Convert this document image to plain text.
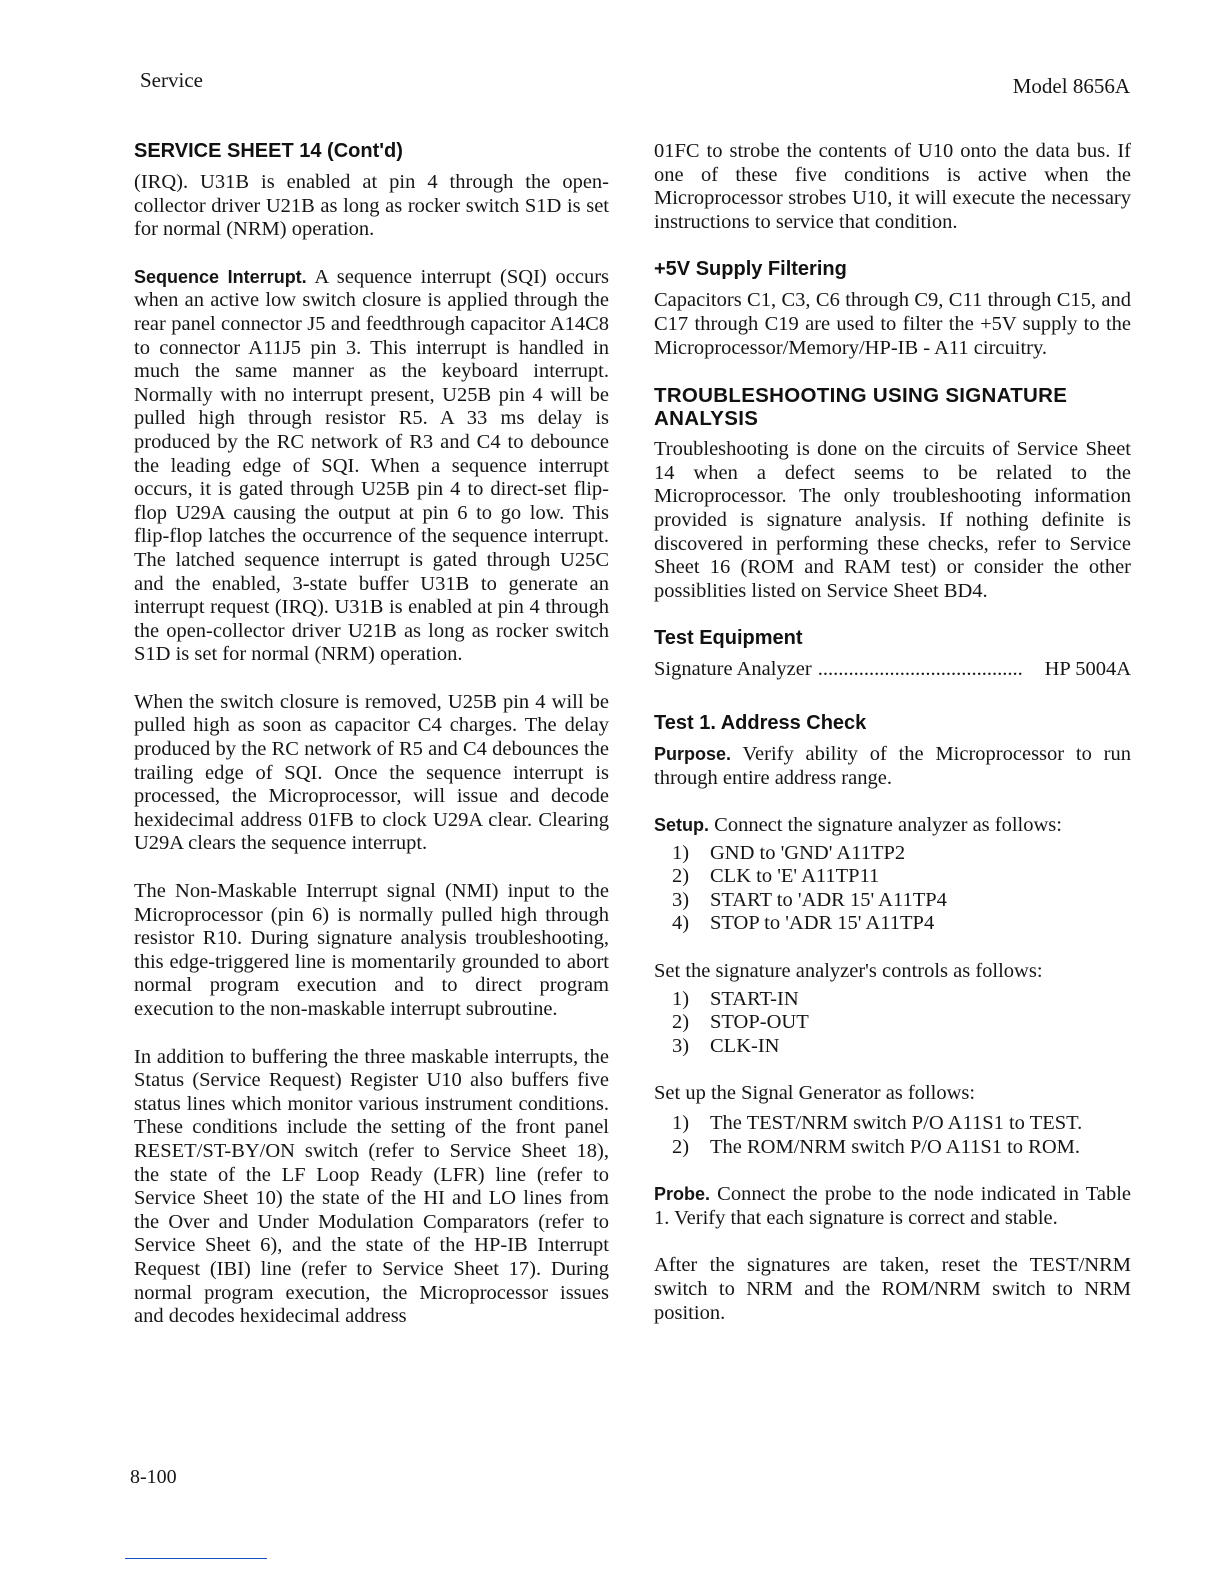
Service	Model 8656A
SERVICE SHEET 14 (Cont'd)

(IRQ). U31B is enabled at pin 4 through the open-collector driver U21B as long as rocker switch S1D is set for normal (NRM) operation.

Sequence Interrupt. A sequence interrupt (SQI) occurs when an active low switch closure is applied through the rear panel connector J5 and feedthrough capacitor A14C8 to connector A11J5 pin 3. This interrupt is handled in much the same manner as the keyboard interrupt. Normally with no interrupt present, U25B pin 4 will be pulled high through resistor R5. A 33 ms delay is produced by the RC network of R3 and C4 to debounce the leading edge of SQI. When a sequence interrupt occurs, it is gated through U25B pin 4 to direct-set flip-flop U29A causing the output at pin 6 to go low. This flip-flop latches the occurrence of the sequence interrupt. The latched sequence interrupt is gated through U25C and the enabled, 3-state buffer U31B to generate an interrupt request (IRQ). U31B is enabled at pin 4 through the open-collector driver U21B as long as rocker switch S1D is set for normal (NRM) operation.

When the switch closure is removed, U25B pin 4 will be pulled high as soon as capacitor C4 charges. The delay produced by the RC network of R5 and C4 debounces the trailing edge of SQI. Once the sequence interrupt is processed, the Microprocessor, will issue and decode hexidecimal address 01FB to clock U29A clear. Clearing U29A clears the sequence interrupt.

The Non-Maskable Interrupt signal (NMI) input to the Microprocessor (pin 6) is normally pulled high through resistor R10. During signature analysis troubleshooting, this edge-triggered line is momentarily grounded to abort normal program execution and to direct program execution to the non-maskable interrupt subroutine.

In addition to buffering the three maskable interrupts, the Status (Service Request) Register U10 also buffers five status lines which monitor various instrument conditions. These conditions include the setting of the front panel RESET/ST-BY/ON switch (refer to Service Sheet 18), the state of the LF Loop Ready (LFR) line (refer to Service Sheet 10) the state of the HI and LO lines from the Over and Under Modulation Comparators (refer to Service Sheet 6), and the state of the HP-IB Interrupt Request (IBI) line (refer to Service Sheet 17). During normal program execution, the Microprocessor issues and decodes hexidecimal address

01FC to strobe the contents of U10 onto the data bus. If one of these five conditions is active when the Microprocessor strobes U10, it will execute the necessary instructions to service that condition.

+5V Supply Filtering

Capacitors C1, C3, C6 through C9, C11 through C15, and C17 through C19 are used to filter the +5V supply to the Microprocessor/Memory/HP-IB - A11 circuitry.

TROUBLESHOOTING USING SIGNATURE ANALYSIS

Troubleshooting is done on the circuits of Service Sheet 14 when a defect seems to be related to the Microprocessor. The only troubleshooting information provided is signature analysis. If nothing definite is discovered in performing these checks, refer to Service Sheet 16 (ROM and RAM test) or consider the other possiblities listed on Service Sheet BD4.

Test Equipment
Signature Analyzer ........................................	HP 5004A
Test 1. Address Check

Purpose. Verify ability of the Microprocessor to run through entire address range.

Setup. Connect the signature analyzer as follows:

1)	GND to 'GND' A11TP2
2)	CLK to 'E' A11TP11
3)	START to 'ADR 15' A11TP4
4)	STOP to 'ADR 15' A11TP4

Set the signature analyzer's controls as follows:

1)	START-IN
2)	STOP-OUT
3)	CLK-IN

Set up the Signal Generator as follows:

1)	The TEST/NRM switch P/O A11S1 to TEST.
2)	The ROM/NRM switch P/O A11S1 to ROM.

Probe. Connect the probe to the node indicated in Table 1. Verify that each signature is correct and stable.

After the signatures are taken, reset the TEST/NRM switch to NRM and the ROM/NRM switch to NRM position.

8-100
